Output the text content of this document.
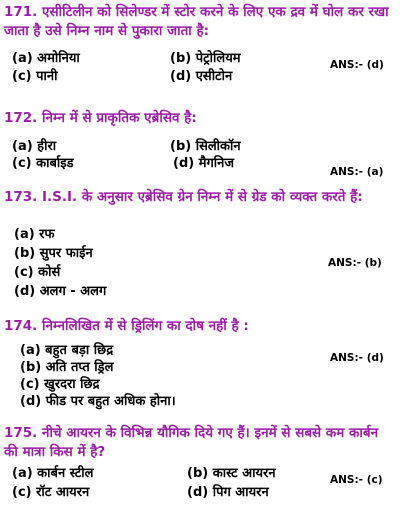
171. एसीटिलीन को सिलेण्डर में स्टोर करने के लिए एक द्रव में घोल कर रखा जाता है उसे निम्न नाम से पुकारा जाता है:

(a) अमोनिया	(b) पेट्रोलियम
(c) पानी	(d) एसीटोन
ANS:- (d)

172. निम्न में से प्राकृतिक एब्रेसिव है:

(a) हीरा	(b) सिलीकॉन
(c) कार्बाइड	(d) मैगनिज
ANS:- (a)

173. I.S.I. के अनुसार एब्रेसिव ग्रेन निम्न में से ग्रेड को व्यक्त करते हैं:

(a) रफ
(b) सुपर फाईन
(c) कोर्स
(d) अलग - अलग
ANS:- (b)

174. निम्नलिखित में से ड्रिलिंग का दोष नहीं है :

(a) बहुत बड़ा छिद्र
(b) अति तप्त ड्रिल
(c) खुरदरा छिद्र
(d) फीड पर बहुत अधिक होना।
ANS:- (d)

175. नीचे आयरन के विभिन्न यौगिक दिये गए हैं। इनमें से सबसे कम कार्बन की मात्रा किस में है?

(a) कार्बन स्टील	(b) कास्ट आयरन
(c) रॉट आयरन	(d) पिग आयरन
ANS:- (c)
